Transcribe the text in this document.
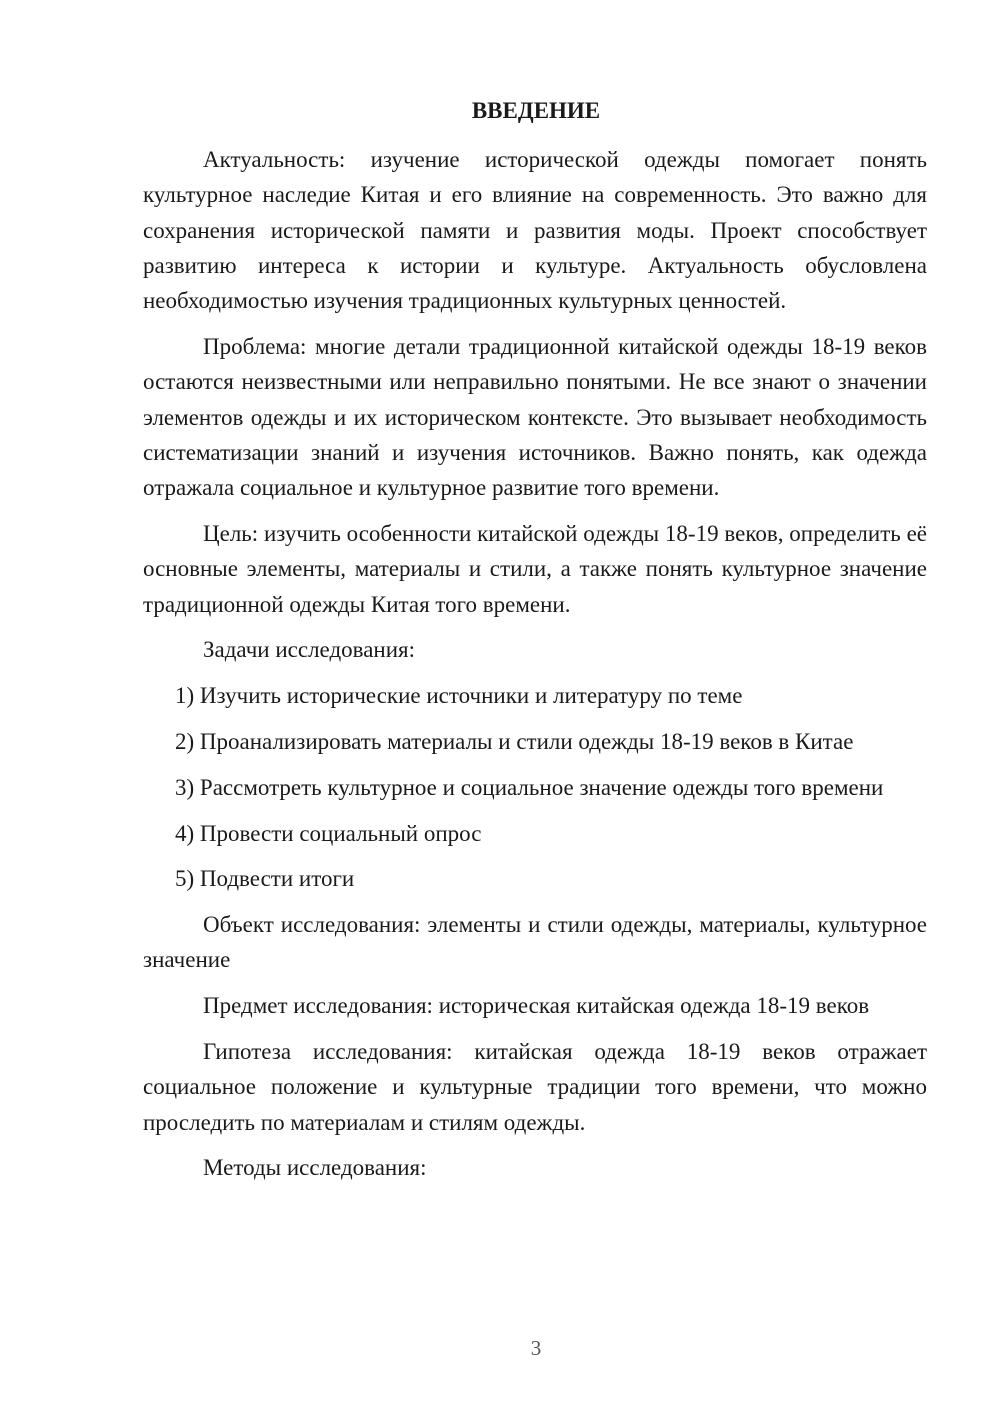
ВВЕДЕНИЕ

Актуальность: изучение исторической одежды помогает понять культурное наследие Китая и его влияние на современность. Это важно для сохранения исторической памяти и развития моды. Проект способствует развитию интереса к истории и культуре. Актуальность обусловлена необходимостью изучения традиционных культурных ценностей.

Проблема: многие детали традиционной китайской одежды 18-19 веков остаются неизвестными или неправильно понятыми. Не все знают о значении элементов одежды и их историческом контексте. Это вызывает необходимость систематизации знаний и изучения источников. Важно понять, как одежда отражала социальное и культурное развитие того времени.

Цель: изучить особенности китайской одежды 18-19 веков, определить её основные элементы, материалы и стили, а также понять культурное значение традиционной одежды Китая того времени.

Задачи исследования:

1) Изучить исторические источники и литературу по теме

2) Проанализировать материалы и стили одежды 18-19 веков в Китае

3) Рассмотреть культурное и социальное значение одежды того времени

4) Провести социальный опрос

5) Подвести итоги

Объект исследования: элементы и стили одежды, материалы, культурное значение

Предмет исследования: историческая китайская одежда 18-19 веков

Гипотеза исследования: китайская одежда 18-19 веков отражает социальное положение и культурные традиции того времени, что можно проследить по материалам и стилям одежды.

Методы исследования:

3
